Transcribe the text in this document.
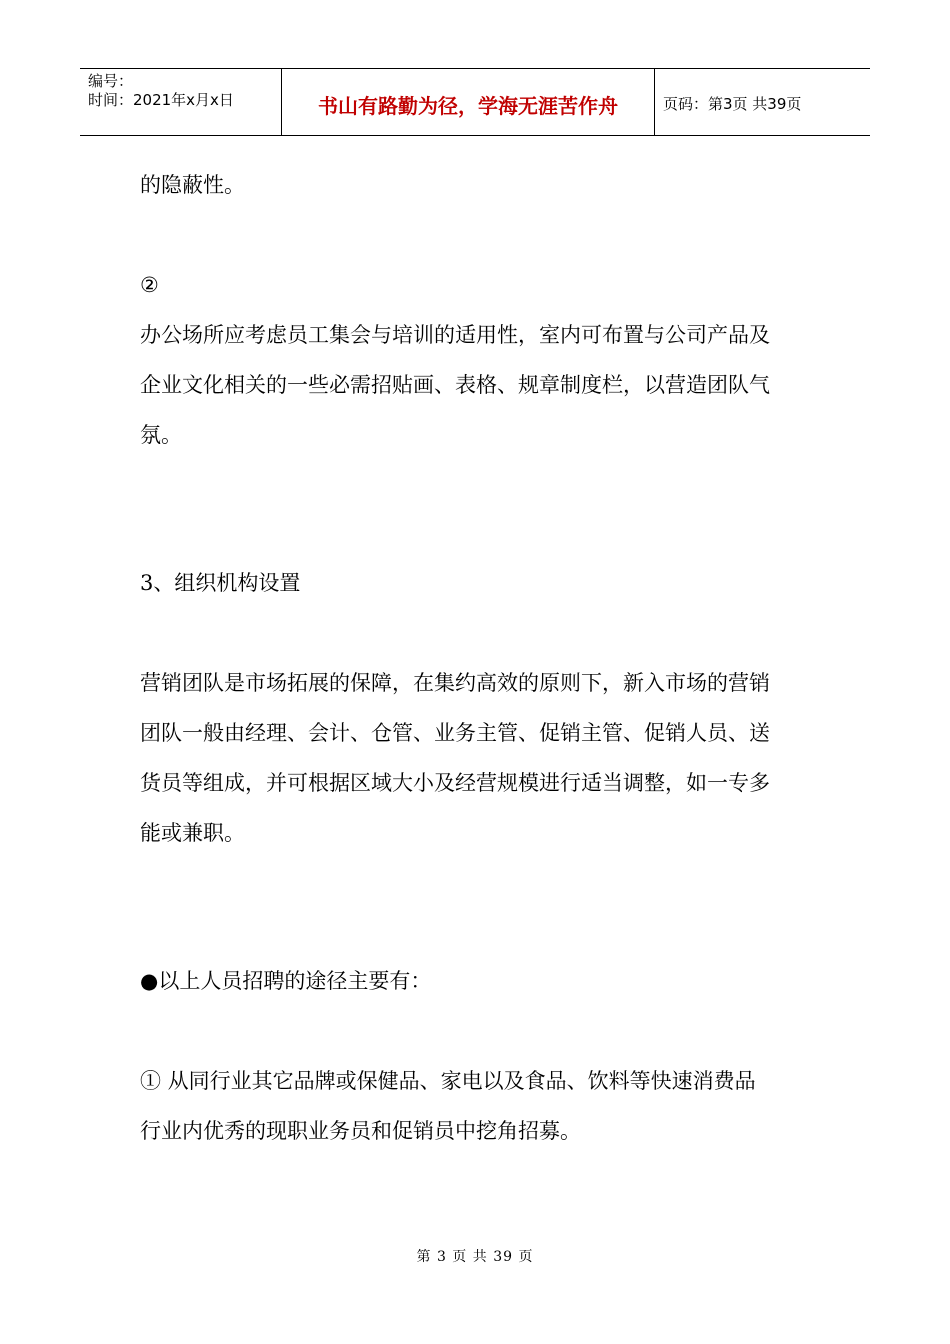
编号：
时间：2021年x月x日	书山有路勤为径，学海无涯苦作舟	页码：第3页 共39页
的隐蔽性。
②
办公场所应考虑员工集会与培训的适用性，室内可布置与公司产品及
企业文化相关的一些必需招贴画、表格、规章制度栏，以营造团队气
氛。
3、组织机构设置
营销团队是市场拓展的保障，在集约高效的原则下，新入市场的营销
团队一般由经理、会计、仓管、业务主管、促销主管、促销人员、送
货员等组成，并可根据区域大小及经营规模进行适当调整，如一专多
能或兼职。
●以上人员招聘的途径主要有：
① 从同行业其它品牌或保健品、家电以及食品、饮料等快速消费品
行业内优秀的现职业务员和促销员中挖角招募。
第 3 页 共 39 页
